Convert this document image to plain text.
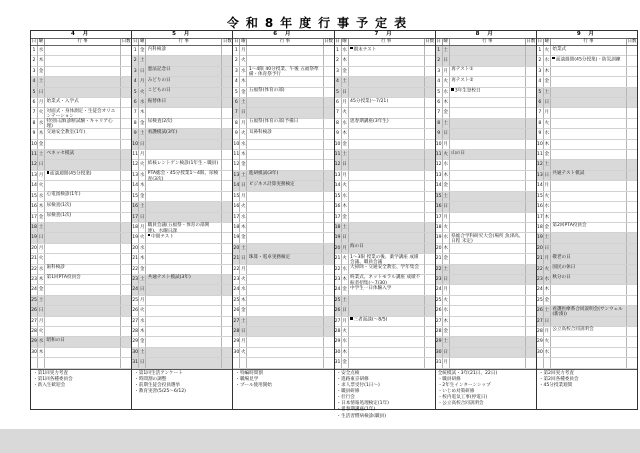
令和8年度行事予定表
4 月
日 曜	行 事	日数
1 水
2 木
3 金
4 土
5 日
6 月 始業式・入学式
7 火 対面式・身体測定・生徒会オリエンテーション
8 水 特別日課(診断試験・キャリア心理)
9 木 交通安全教室(1年)
10 金
11 土 ベネッセ模試
12 日
13 月	面談週間(45分授業)
14 火
15 水 心電図検診(1年)
16 木 尿検査(1次)
17 金 尿検査(1次)
18 土
19 日
20 月
21 火
22 水 歯科検診
23 木 第1回PTA役員会
24 金
25 土
26 日
27 月
28 火
29 水 昭和の日
30 木
・第1回実力考査
・第1回各種委員会
・新入生歓迎会
5 月
日 曜	行 事	日数
1 金 内科検診
2 土
3 日 憲法記念日
4 月 みどりの日
5 火 こどもの日
6 水 振替休日
7 木
8 金 尿検査(2次)
9 土 看護模試(3年)
10 日
11 月
12 火 結核レントゲン検診(1年生・職員)
13 水 PTA総会・45分授業1〜4限、尿検査(3次)
14 木
15 金
16 土
17 日
18 月 職員会議(五福祭・体育の部関連)、水曜日課
19 火	中間テスト
20 水
21 木
22 金
23 土 共通テスト模試(3年)
24 日
25 月
26 火
27 水
28 木
29 金
30 土
31 日
・第1回生活アンケート
・時間割の調整
・前期生徒会役員選挙
・教育実習(5/25〜6/12)
6 月
日 曜	行 事	日数
1 月
2 火
3 水 1〜4限 40分授業、午後 五福祭準備・体育祭予行
4 木
5 金 五福祭(体育の部)
6 土
7 日
8 月 五福祭(体育の部)予備日
9 火 耳鼻科検診
10 水
11 木
12 金
13 土 進研模試(3年)
14 日 ビジネス計算実務検定
15 月
16 火
17 水
18 木
19 金
20 土
21 日 珠算・電卓実務検定
22 月
23 火
24 水
25 木
26 金
27 土
28 日
29 月
30 火
・特編時間割
・職場見学
・プール使用開始
7 月
日 曜	行 事	日数
1 水	期末テスト
2 木
3 金
4 土
5 日
6 月 45分授業(〜7/21)
7 火
8 水 思春期講座(3年生)
9 木
10 金
11 土
12 日
13 月
14 火
15 水
16 木
17 金
18 土
19 日
20 月 海の日
21 火 1〜3限 授業の後、薬学講座 成績会議、職員会議
22 水 大掃除・交通安全教室、学年集会
23 木 終業式、ネットモラル講座 成績不振者招集(〜7/30)
24 金 中学生一日体験入学
25 土
26 日
27 月	三者面談(〜8/5)
28 火
29 水
30 木
31 金
・安全点検
・進路東京研修
・求人票受付(1日〜)
・職員研修
・壮行会
・日本情報処理検定(1年)
・思春期講座(1年)
・生活習慣病検診(職員)
8 月
日 曜	行 事	日数
1 土
2 日
3 月 再テスト①
4 火 再テスト②
5 水	3年生登校日
6 木
7 金
8 土
9 日
10 月
11 火 山の日
12 水
13 木
14 金
15 土
16 日
17 月
18 火
19 水 県総合学科研究大会(場所 魚津高、日程 未定)
20 木
21 金
22 土
23 日
24 月
25 火
26 水
27 木
28 金
29 土
30 日
31 月
全統模試・3年(21日、22日)
・職員研修
・2年生インターンシップ
・いじめ対策研修
・校内電気工事(停電日)
・公立高校合同説明会
9 月
日 曜	行 事	日数
1 火 始業式
2 水	面談週間(45分授業)・防災訓練
3 木
4 金
5 土
6 日
7 月
8 火
9 水
10 木
11 金
12 土
13 日 共通テスト模試
14 月
15 火
16 水
17 木
18 金 第2回PTA役員会
19 土
20 日
21 月 敬老の日
22 火 国民の休日
23 水 秋分の日
24 木
25 金
26 土 看護医療系合同説明会(サンウェル(新湊))
27 日
28 月 公立高校合同説明会
29 火
30 水
・第2回実力考査
・第2回各種委員会
・45分授業週間
